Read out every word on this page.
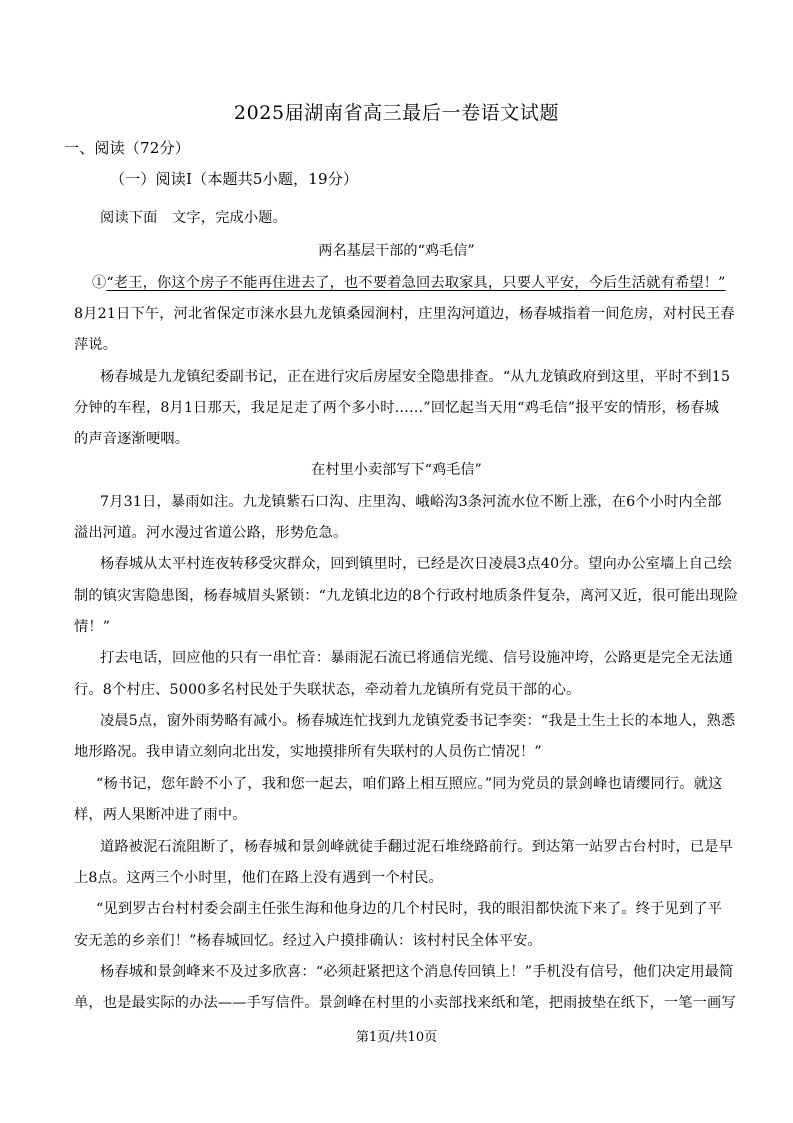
2025届湖南省高三最后一卷语文试题
一、阅读（72分）
（一）阅读Ⅰ（本题共5小题，19分）
阅读下面　文字，完成小题。
两名基层干部的“鸡毛信”
①“老王，你这个房子不能再住进去了，也不要着急回去取家具，只要人平安，今后生活就有希望！”
8月21日下午，河北省保定市涞水县九龙镇桑园涧村，庄里沟河道边，杨春城指着一间危房，对村民王春
萍说。
杨春城是九龙镇纪委副书记，正在进行灾后房屋安全隐患排查。“从九龙镇政府到这里，平时不到15
分钟的车程，8月1日那天，我足足走了两个多小时……”回忆起当天用“鸡毛信”报平安的情形，杨春城
的声音逐渐哽咽。
在村里小卖部写下“鸡毛信”
7月31日，暴雨如注。九龙镇紫石口沟、庄里沟、峨峪沟3条河流水位不断上涨，在6个小时内全部
溢出河道。河水漫过省道公路，形势危急。
杨春城从太平村连夜转移受灾群众，回到镇里时，已经是次日凌晨3点40分。望向办公室墙上自己绘
制的镇灾害隐患图，杨春城眉头紧锁：“九龙镇北边的8个行政村地质条件复杂，离河又近，很可能出现险
情！”
打去电话，回应他的只有一串忙音：暴雨泥石流已将通信光缆、信号设施冲垮，公路更是完全无法通
行。8个村庄、5000多名村民处于失联状态，牵动着九龙镇所有党员干部的心。
凌晨5点，窗外雨势略有减小。杨春城连忙找到九龙镇党委书记李奕：“我是土生土长的本地人，熟悉
地形路况。我申请立刻向北出发，实地摸排所有失联村的人员伤亡情况！”
“杨书记，您年龄不小了，我和您一起去，咱们路上相互照应。”同为党员的景剑峰也请缨同行。就这
样，两人果断冲进了雨中。
道路被泥石流阻断了，杨春城和景剑峰就徒手翻过泥石堆绕路前行。到达第一站罗古台村时，已是早
上8点。这两三个小时里，他们在路上没有遇到一个村民。
“见到罗古台村村委会副主任张生海和他身边的几个村民时，我的眼泪都快流下来了。终于见到了平
安无恙的乡亲们！”杨春城回忆。经过入户摸排确认：该村村民全体平安。
杨春城和景剑峰来不及过多欣喜：“必须赶紧把这个消息传回镇上！”手机没有信号，他们决定用最简
单，也是最实际的办法——手写信件。景剑峰在村里的小卖部找来纸和笔，把雨披垫在纸下，一笔一画写
第1页/共10页
